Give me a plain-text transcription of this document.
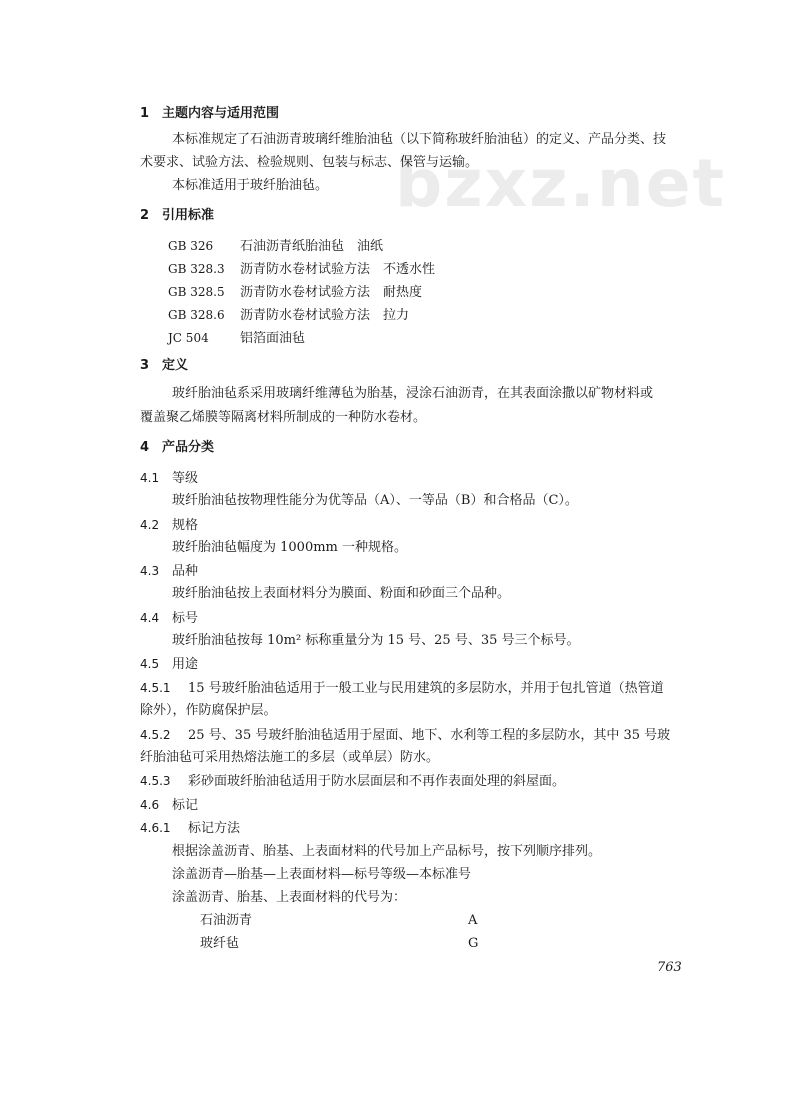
bzxz.net
1　主题内容与适用范围
本标准规定了石油沥青玻璃纤维胎油毡（以下简称玻纤胎油毡）的定义、产品分类、技
术要求、试验方法、检验规则、包装与标志、保管与运输。
本标准适用于玻纤胎油毡。
2　引用标准
GB 326 石油沥青纸胎油毡　油纸
GB 328.3 沥青防水卷材试验方法　不透水性
GB 328.5 沥青防水卷材试验方法　耐热度
GB 328.6 沥青防水卷材试验方法　拉力
JC 504 铝箔面油毡
3　定义
玻纤胎油毡系采用玻璃纤维薄毡为胎基，浸涂石油沥青，在其表面涂撒以矿物材料或
覆盖聚乙烯膜等隔离材料所制成的一种防水卷材。
4　产品分类
4.1 等级
玻纤胎油毡按物理性能分为优等品（A）、一等品（B）和合格品（C）。
4.2 规格
玻纤胎油毡幅度为 1000mm 一种规格。
4.3 品种
玻纤胎油毡按上表面材料分为膜面、粉面和砂面三个品种。
4.4 标号
玻纤胎油毡按每 10m² 标称重量分为 15 号、25 号、35 号三个标号。
4.5 用途
4.5.1 15 号玻纤胎油毡适用于一般工业与民用建筑的多层防水，并用于包扎管道（热管道
除外），作防腐保护层。
4.5.2 25 号、35 号玻纤胎油毡适用于屋面、地下、水利等工程的多层防水，其中 35 号玻
纤胎油毡可采用热熔法施工的多层（或单层）防水。
4.5.3 彩砂面玻纤胎油毡适用于防水层面层和不再作表面处理的斜屋面。
4.6 标记
4.6.1 标记方法
根据涂盖沥青、胎基、上表面材料的代号加上产品标号，按下列顺序排列。
涂盖沥青—胎基—上表面材料—标号等级—本标准号
涂盖沥青、胎基、上表面材料的代号为：
石油沥青	A
玻纤毡	G
763
